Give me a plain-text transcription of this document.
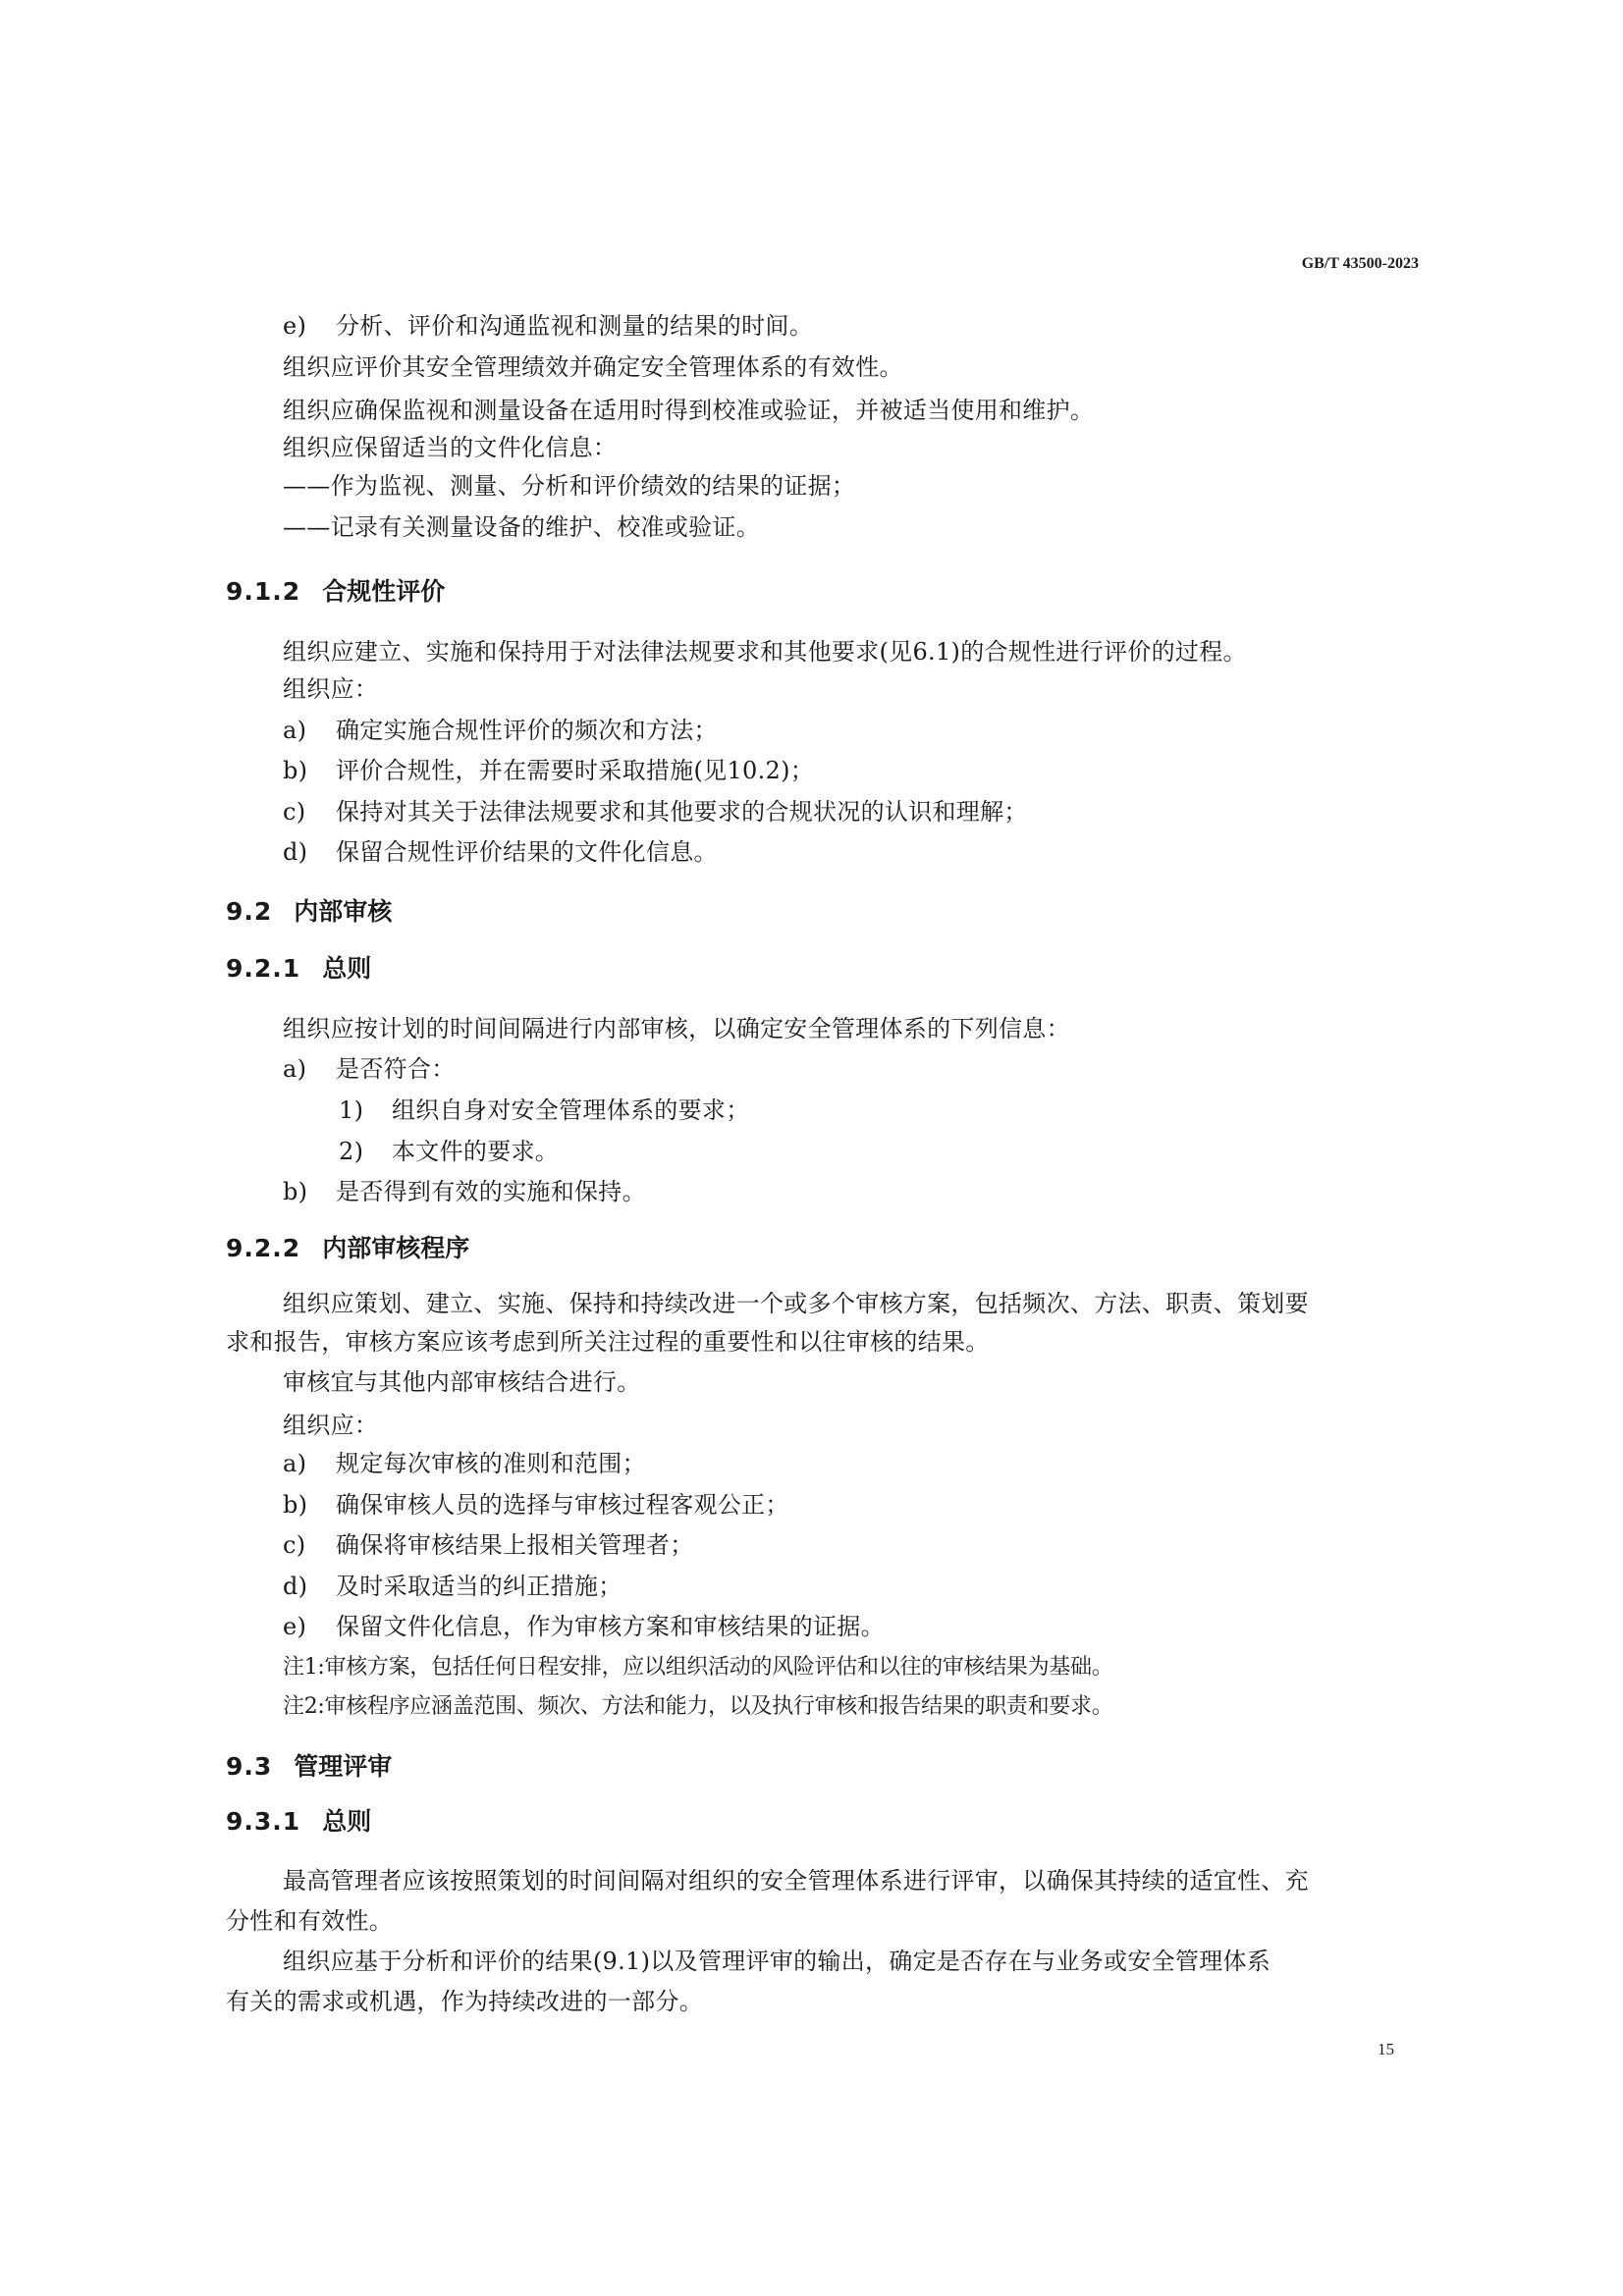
GB/T 43500-2023
e) 分析、评价和沟通监视和测量的结果的时间。
组织应评价其安全管理绩效并确定安全管理体系的有效性。
组织应确保监视和测量设备在适用时得到校准或验证，并被适当使用和维护。
组织应保留适当的文件化信息：
——作为监视、测量、分析和评价绩效的结果的证据；
——记录有关测量设备的维护、校准或验证。
9.1.2 合规性评价
组织应建立、实施和保持用于对法律法规要求和其他要求(见6.1)的合规性进行评价的过程。
组织应：
a) 确定实施合规性评价的频次和方法；
b) 评价合规性，并在需要时采取措施(见10.2)；
c) 保持对其关于法律法规要求和其他要求的合规状况的认识和理解；
d) 保留合规性评价结果的文件化信息。
9.2 内部审核
9.2.1 总则
组织应按计划的时间间隔进行内部审核，以确定安全管理体系的下列信息：
a) 是否符合：
1) 组织自身对安全管理体系的要求；
2) 本文件的要求。
b) 是否得到有效的实施和保持。
9.2.2 内部审核程序
组织应策划、建立、实施、保持和持续改进一个或多个审核方案，包括频次、方法、职责、策划要
求和报告，审核方案应该考虑到所关注过程的重要性和以往审核的结果。
审核宜与其他内部审核结合进行。
组织应：
a) 规定每次审核的准则和范围；
b) 确保审核人员的选择与审核过程客观公正；
c) 确保将审核结果上报相关管理者；
d) 及时采取适当的纠正措施；
e) 保留文件化信息，作为审核方案和审核结果的证据。
注1:审核方案，包括任何日程安排，应以组织活动的风险评估和以往的审核结果为基础。
注2:审核程序应涵盖范围、频次、方法和能力，以及执行审核和报告结果的职责和要求。
9.3 管理评审
9.3.1 总则
最高管理者应该按照策划的时间间隔对组织的安全管理体系进行评审，以确保其持续的适宜性、充
分性和有效性。
组织应基于分析和评价的结果(9.1)以及管理评审的输出，确定是否存在与业务或安全管理体系
有关的需求或机遇，作为持续改进的一部分。
15
